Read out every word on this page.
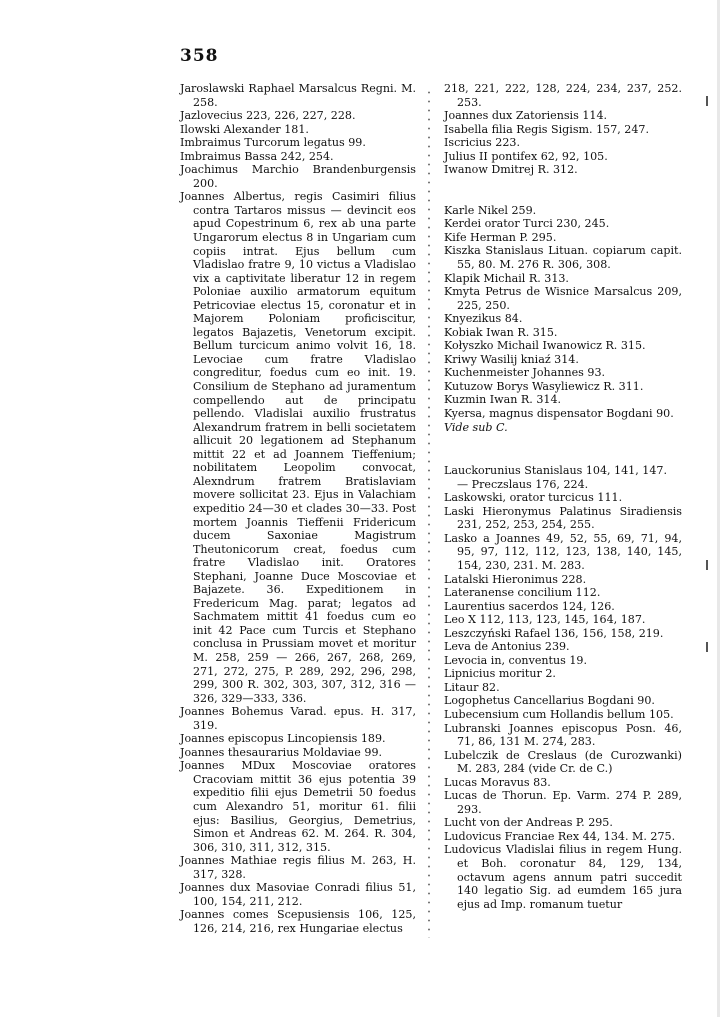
358

Jaroslawski Raphael Marsalcus Regni. M. 258.

Jazlovecius 223, 226, 227, 228.

Ilowski Alexander 181.

Imbraimus Turcorum legatus 99.

Imbraimus Bassa 242, 254.

Joachimus Marchio Brandenburgensis 200.

Joannes Albertus, regis Casimiri filius contra Tartaros missus — devincit eos apud Copestrinum 6, rex ab una parte Ungarorum electus 8 in Ungariam cum copiis intrat. Ejus bellum cum Vladislao fratre 9, 10 victus a Vladislao vix a captivitate liberatur 12 in regem Poloniae auxilio armatorum equitum Petricoviae electus 15, coronatur et in Majorem Poloniam proficiscitur, legatos Bajazetis, Venetorum excipit. Bellum turcicum animo volvit 16, 18. Levociae cum fratre Vladislao congreditur, foedus cum eo init. 19. Consilium de Stephano ad juramentum compellendo aut de principatu pellendo. Vladislai auxilio frustratus Alexandrum fratrem in belli societatem allicuit 20 legationem ad Stephanum mittit 22 et ad Joannem Tieffenium; nobilitatem Leopolim convocat, Alexndrum fratrem Bratislaviam movere sollicitat 23. Ejus in Valachiam expeditio 24—30 et clades 30—33. Post mortem Joannis Tieffenii Fridericum ducem Saxoniae Magistrum Theutonicorum creat, foedus cum fratre Vladislao init. Oratores Stephani, Joanne Duce Moscoviae et Bajazete. 36. Expeditionem in Fredericum Mag. parat; legatos ad Sachmatem mittit 41 foedus cum eo init 42 Pace cum Turcis et Stephano conclusa in Prussiam movet et moritur M. 258, 259 — 266, 267, 268, 269, 271, 272, 275, P. 289, 292, 296, 298, 299, 300 R. 302, 303, 307, 312, 316 — 326, 329—333, 336.

Joannes Bohemus Varad. epus. H. 317, 319.

Joannes episcopus Lincopiensis 189.

Joannes thesaurarius Moldaviae 99.

Joannes MDux Moscoviae oratores Cracoviam mittit 36 ejus potentia 39 expeditio filii ejus Demetrii 50 foedus cum Alexandro 51, moritur 61. filii ejus: Basilius, Georgius, Demetrius, Simon et Andreas 62. M. 264. R. 304, 306, 310, 311, 312, 315.

Joannes Mathiae regis filius M. 263, H. 317, 328.

Joannes dux Masoviae Conradi filius 51, 100, 154, 211, 212.

Joannes comes Scepusiensis 106, 125, 126, 214, 216, rex Hungariae electus

218, 221, 222, 128, 224, 234, 237, 252. 253.

Joannes dux Zatoriensis 114.

Isabella filia Regis Sigism. 157, 247.

Iscricius 223.

Julius II pontifex 62, 92, 105.

Iwanow Dmitrej R. 312.

Karle Nikel 259.

Kerdei orator Turci 230, 245.

Kife Herman P. 295.

Kiszka Stanislaus Lituan. copiarum capit. 55, 80. M. 276 R. 306, 308.

Klapik Michail R. 313.

Kmyta Petrus de Wisnice Marsalcus 209, 225, 250.

Knyezikus 84.

Kobiak Iwan R. 315.

Kołyszko Michail Iwanowicz R. 315.

Kriwy Wasilij kniaź 314.

Kuchenmeister Johannes 93.

Kutuzow Borys Wasyliewicz R. 311.

Kuzmin Iwan R. 314.

Kyersa, magnus dispensator Bogdani 90.

Vide sub C.

Lauckorunius Stanislaus 104, 141, 147.

— Preczslaus 176, 224.

Laskowski, orator turcicus 111.

Laski Hieronymus Palatinus Siradiensis 231, 252, 253, 254, 255.

Lasko a Joannes 49, 52, 55, 69, 71, 94, 95, 97, 112, 112, 123, 138, 140, 145, 154, 230, 231. M. 283.

Latalski Hieronimus 228.

Lateranense concilium 112.

Laurentius sacerdos 124, 126.

Leo X 112, 113, 123, 145, 164, 187.

Leszczyński Rafael 136, 156, 158, 219.

Leva de Antonius 239.

Levocia in, conventus 19.

Lipnicius moritur 2.

Litaur 82.

Logophetus Cancellarius Bogdani 90.

Lubecensium cum Hollandis bellum 105.

Lubranski Joannes episcopus Posn. 46, 71, 86, 131 M. 274, 283.

Lubelczik de Creslaus (de Curozwanki) M. 283, 284 (vide Cr. de C.)

Lucas Moravus 83.

Lucas de Thorun. Ep. Varm. 274 P. 289, 293.

Lucht von der Andreas P. 295.

Ludovicus Franciae Rex 44, 134. M. 275.

Ludovicus Vladislai filius in regem Hung. et Boh. coronatur 84, 129, 134, octavum agens annum patri succedit 140 legatio Sig. ad eumdem 165 jura ejus ad Imp. romanum tuetur
